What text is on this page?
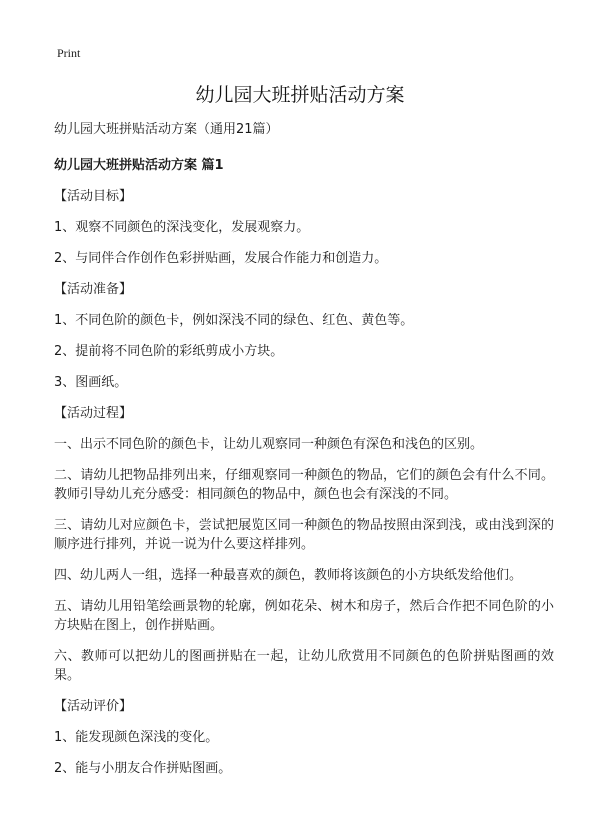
Print
幼儿园大班拼贴活动方案

幼儿园大班拼贴活动方案（通用21篇）

幼儿园大班拼贴活动方案 篇1

【活动目标】

1、观察不同颜色的深浅变化，发展观察力。

2、与同伴合作创作色彩拼贴画，发展合作能力和创造力。

【活动准备】

1、不同色阶的颜色卡，例如深浅不同的绿色、红色、黄色等。

2、提前将不同色阶的彩纸剪成小方块。

3、图画纸。

【活动过程】

一、出示不同色阶的颜色卡，让幼儿观察同一种颜色有深色和浅色的区别。

二、请幼儿把物品排列出来，仔细观察同一种颜色的物品，它们的颜色会有什么不同。教师引导幼儿充分感受：相同颜色的物品中，颜色也会有深浅的不同。

三、请幼儿对应颜色卡，尝试把展览区同一种颜色的物品按照由深到浅，或由浅到深的顺序进行排列，并说一说为什么要这样排列。

四、幼儿两人一组，选择一种最喜欢的颜色，教师将该颜色的小方块纸发给他们。

五、请幼儿用铅笔绘画景物的轮廓，例如花朵、树木和房子，然后合作把不同色阶的小方块贴在图上，创作拼贴画。

六、教师可以把幼儿的图画拼贴在一起，让幼儿欣赏用不同颜色的色阶拼贴图画的效果。

【活动评价】

1、能发现颜色深浅的变化。

2、能与小朋友合作拼贴图画。
